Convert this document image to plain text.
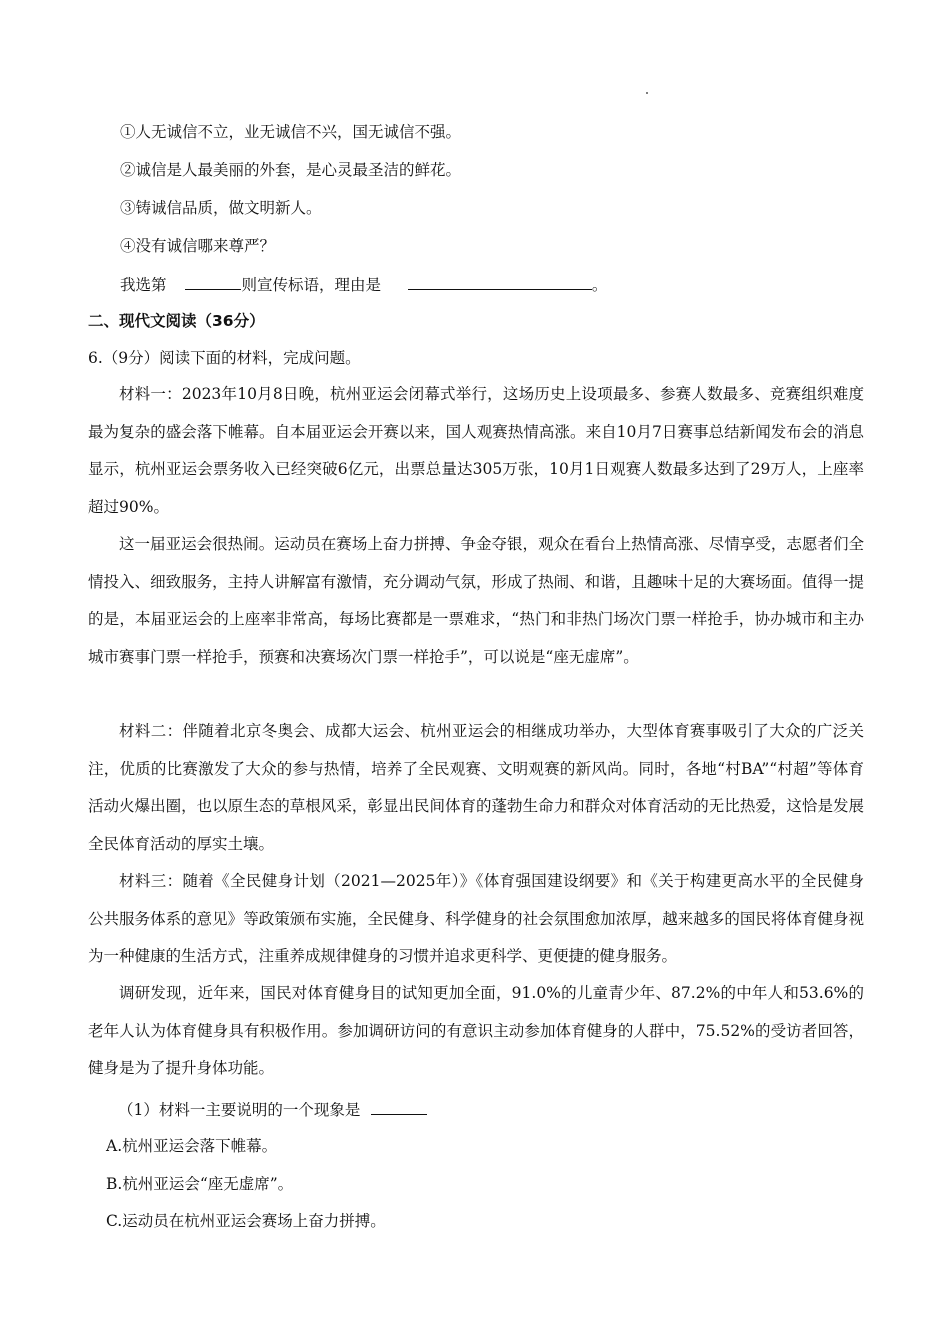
①人无诚信不立，业无诚信不兴，国无诚信不强。
②诚信是人最美丽的外套，是心灵最圣洁的鲜花。
③铸诚信品质，做文明新人。
④没有诚信哪来尊严？
我选第	则宣传标语，理由是	。
二、现代文阅读（36分）
6.（9分）阅读下面的材料，完成问题。
材料一：2023年10月8日晚，杭州亚运会闭幕式举行，这场历史上设项最多、参赛人数最多、竞赛组织难度最为复杂的盛会落下帷幕。自本届亚运会开赛以来，国人观赛热情高涨。来自10月7日赛事总结新闻发布会的消息显示，杭州亚运会票务收入已经突破6亿元，出票总量达305万张，10月1日观赛人数最多达到了29万人，上座率超过90%。
这一届亚运会很热闹。运动员在赛场上奋力拼搏、争金夺银，观众在看台上热情高涨、尽情享受，志愿者们全情投入、细致服务，主持人讲解富有激情，充分调动气氛，形成了热闹、和谐，且趣味十足的大赛场面。值得一提的是，本届亚运会的上座率非常高，每场比赛都是一票难求，“热门和非热门场次门票一样抢手，协办城市和主办城市赛事门票一样抢手，预赛和决赛场次门票一样抢手”，可以说是“座无虚席”。
材料二：伴随着北京冬奥会、成都大运会、杭州亚运会的相继成功举办，大型体育赛事吸引了大众的广泛关注，优质的比赛激发了大众的参与热情，培养了全民观赛、文明观赛的新风尚。同时，各地“村BA”“村超”等体育活动火爆出圈，也以原生态的草根风采，彰显出民间体育的蓬勃生命力和群众对体育活动的无比热爱，这恰是发展全民体育活动的厚实土壤。
材料三：随着《全民健身计划（2021—2025年）》《体育强国建设纲要》和《关于构建更高水平的全民健身公共服务体系的意见》等政策颁布实施，全民健身、科学健身的社会氛围愈加浓厚，越来越多的国民将体育健身视为一种健康的生活方式，注重养成规律健身的习惯并追求更科学、更便捷的健身服务。
调研发现，近年来，国民对体育健身目的试知更加全面，91.0%的儿童青少年、87.2%的中年人和53.6%的老年人认为体育健身具有积极作用。参加调研访问的有意识主动参加体育健身的人群中，75.52%的受访者回答，健身是为了提升身体功能。
（1）材料一主要说明的一个现象是
A.杭州亚运会落下帷幕。
B.杭州亚运会“座无虚席”。
C.运动员在杭州亚运会赛场上奋力拼搏。
